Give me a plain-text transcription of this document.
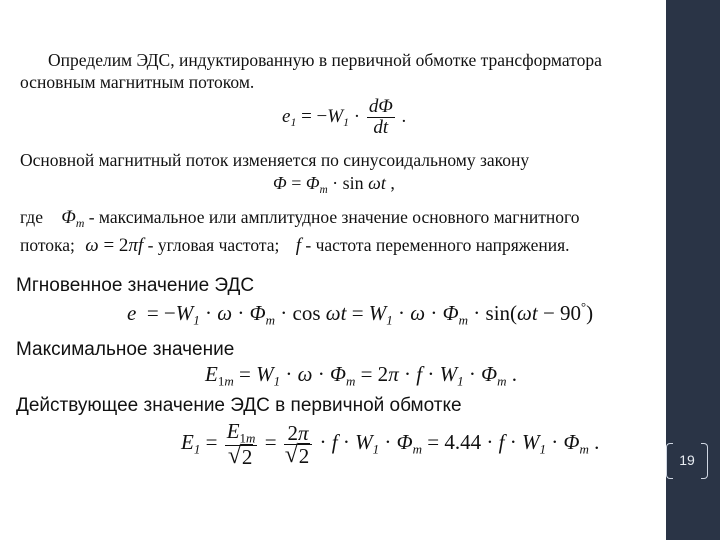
Определим ЭДС, индуктированную в первичной обмотке трансформатора
основным магнитным потоком.
$e_1 = -W_1 \cdot \frac{d\Phi}{dt}$ .
Основной магнитный поток изменяется по синусоидальному закону
$\Phi = \Phi_m \cdot \sin \omega t$ ,
где $\Phi_m$ - максимальное или амплитудное значение основного магнитного
потока; ω = 2πf - угловая частота; f - частота переменного напряжения.
Мгновенное значение ЭДС
$e = -W_1 \cdot \omega \cdot \Phi_m \cdot \cos \omega t = W_1 \cdot \omega \cdot \Phi_m \cdot \sin(\omega t - 90^\circ)$
Максимальное значение
$E_{1m} = W_1 \cdot \omega \cdot \Phi_m = 2\pi \cdot f \cdot W_1 \cdot \Phi_m$ .
Действующее значение ЭДС в первичной обмотке
$E_1 = E_{1m}$
√ 2 = 2π
√ $2 \cdot f \cdot W_1 \cdot \Phi_m = 4.44 \cdot f \cdot W_1 \cdot \Phi_m$ .
19
